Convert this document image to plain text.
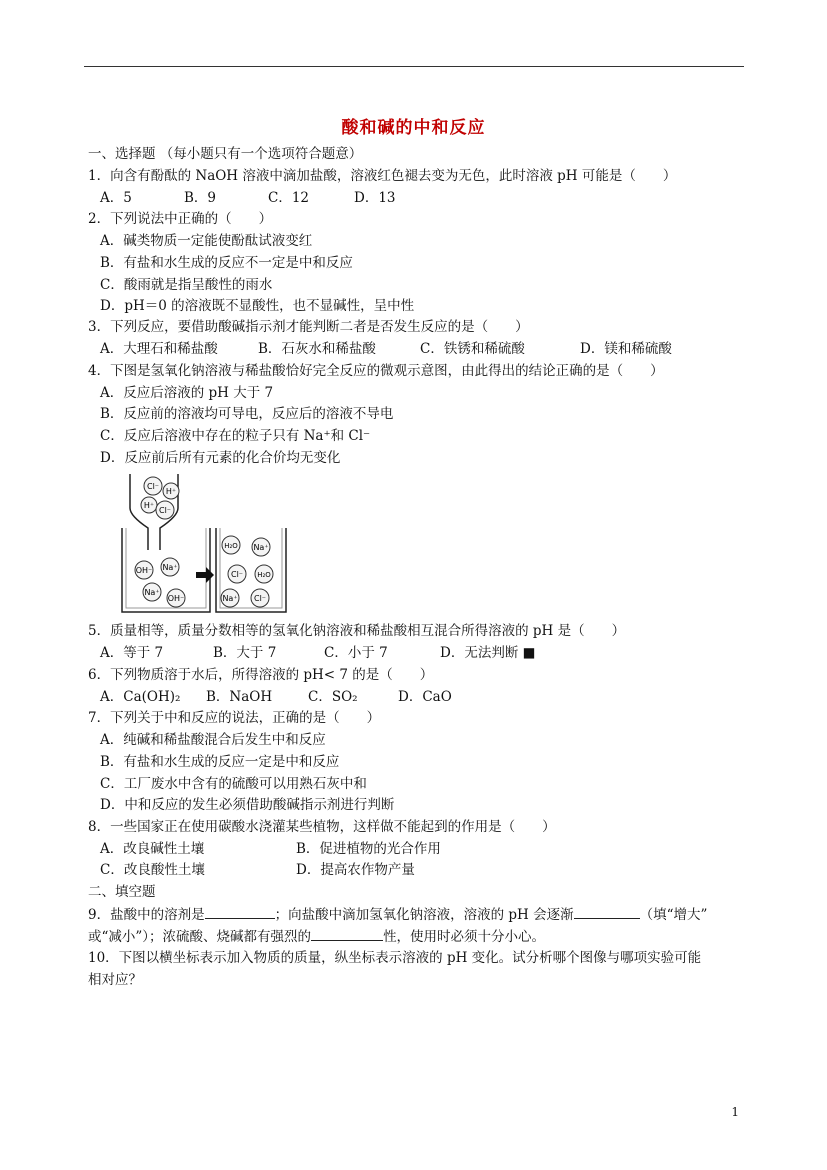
酸和碱的中和反应
一、选择题 （每小题只有一个选项符合题意）
1．向含有酚酞的 NaOH 溶液中滴加盐酸，溶液红色褪去变为无色，此时溶液 pH 可能是（　　）
A．5	B．9	C．12	D．13
2．下列说法中正确的（　　）
A．碱类物质一定能使酚酞试液变红
B．有盐和水生成的反应不一定是中和反应
C．酸雨就是指呈酸性的雨水
D．pH＝0 的溶液既不显酸性，也不显碱性，呈中性
3．下列反应，要借助酸碱指示剂才能判断二者是否发生反应的是（　　）
A．大理石和稀盐酸	B．石灰水和稀盐酸	C．铁锈和稀硫酸	D．镁和稀硫酸
4．下图是氢氧化钠溶液与稀盐酸恰好完全反应的微观示意图，由此得出的结论正确的是（　　）
A．反应后溶液的 pH 大于 7
B．反应前的溶液均可导电，反应后的溶液不导电
C．反应后溶液中存在的粒子只有 Na⁺和 Cl⁻
D．反应前后所有元素的化合价均无变化
Cl⁻
H⁺
H⁺
Cl⁻
OH⁻ Na⁺
Na⁺
OH⁻
H₂O Na⁺
Cl⁻ H₂O
Na⁺ Cl⁻
5．质量相等，质量分数相等的氢氧化钠溶液和稀盐酸相互混合所得溶液的 pH 是（　　）
A．等于 7	B．大于 7	C．小于 7	D．无法判断 ■
6．下列物质溶于水后，所得溶液的 pH< 7 的是（　　）
A．Ca(OH)₂	B．NaOH	C．SO₂	D．CaO
7．下列关于中和反应的说法，正确的是（　　）
A．纯碱和稀盐酸混合后发生中和反应
B．有盐和水生成的反应一定是中和反应
C．工厂废水中含有的硫酸可以用熟石灰中和
D．中和反应的发生必须借助酸碱指示剂进行判断
8．一些国家正在使用碳酸水浇灌某些植物，这样做不能起到的作用是（　　）
A．改良碱性土壤	B．促进植物的光合作用
C．改良酸性土壤	D．提高农作物产量
二、填空题
9．盐酸中的溶剂是	；向盐酸中滴加氢氧化钠溶液，溶液的 pH 会逐渐	（填“增大”
或“减小”）；浓硫酸、烧碱都有强烈的	性，使用时必须十分小心。
10．下图以横坐标表示加入物质的质量，纵坐标表示溶液的 pH 变化。试分析哪个图像与哪项实验可能
相对应？
1
